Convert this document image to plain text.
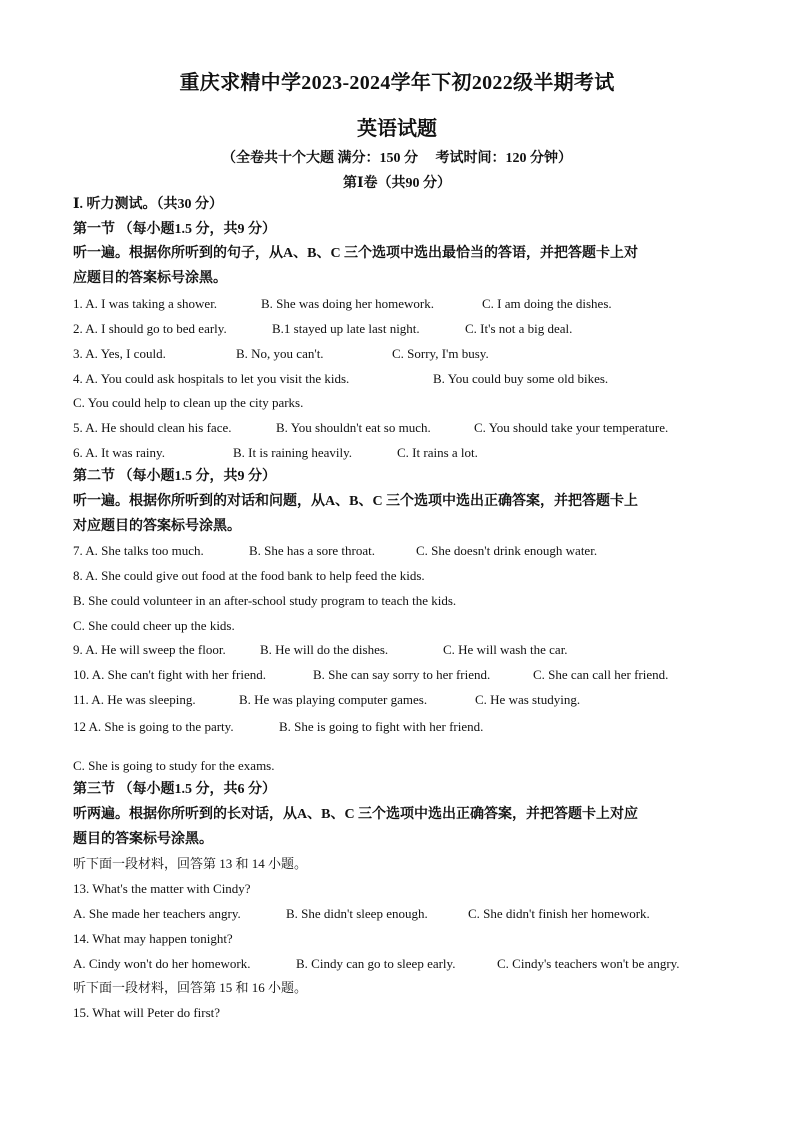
重庆求精中学2023-2024学年下初2022级半期考试
英语试题
（全卷共十个大题 满分：150 分　 考试时间：120 分钟）
第Ⅰ卷（共90 分）
Ⅰ. 听力测试。（共30 分）
第一节 （每小题1.5 分，共9 分）
听一遍。根据你所听到的句子，从A、B、C 三个选项中选出最恰当的答语，并把答题卡上对
应题目的答案标号涂黑。
1. A. I was taking a shower.	B. She was doing her homework.	C. I am doing the dishes.
2. A. I should go to bed early.	B.1 stayed up late last night.	C. It's not a big deal.
3. A. Yes, I could.	B. No, you can't.	C. Sorry, I'm busy.
4. A. You could ask hospitals to let you visit the kids.	B. You could buy some old bikes.
C. You could help to clean up the city parks.
5. A. He should clean his face.	B. You shouldn't eat so much.	C. You should take your temperature.
6. A. It was rainy.	B. It is raining heavily.	C. It rains a lot.
第二节 （每小题1.5 分，共9 分）
听一遍。根据你所听到的对话和问题，从A、B、C 三个选项中选出正确答案，并把答题卡上
对应题目的答案标号涂黑。
7. A. She talks too much.	B. She has a sore throat.	C. She doesn't drink enough water.
8. A. She could give out food at the food bank to help feed the kids.
B. She could volunteer in an after-school study program to teach the kids.
C. She could cheer up the kids.
9. A. He will sweep the floor.	B. He will do the dishes.	C. He will wash the car.
10. A. She can't fight with her friend.	B. She can say sorry to her friend.	C. She can call her friend.
11. A. He was sleeping.	B. He was playing computer games.	C. He was studying.
12 A. She is going to the party.	B. She is going to fight with her friend.
C. She is going to study for the exams.
第三节 （每小题1.5 分，共6 分）
听两遍。根据你所听到的长对话，从A、B、C 三个选项中选出正确答案，并把答题卡上对应
题目的答案标号涂黑。
听下面一段材料，回答第 13 和 14 小题。
13. What's the matter with Cindy?
A. She made her teachers angry.	B. She didn't sleep enough.	C. She didn't finish her homework.
14. What may happen tonight?
A. Cindy won't do her homework.	B. Cindy can go to sleep early.	C. Cindy's teachers won't be angry.
听下面一段材料，回答第 15 和 16 小题。
15. What will Peter do first?
